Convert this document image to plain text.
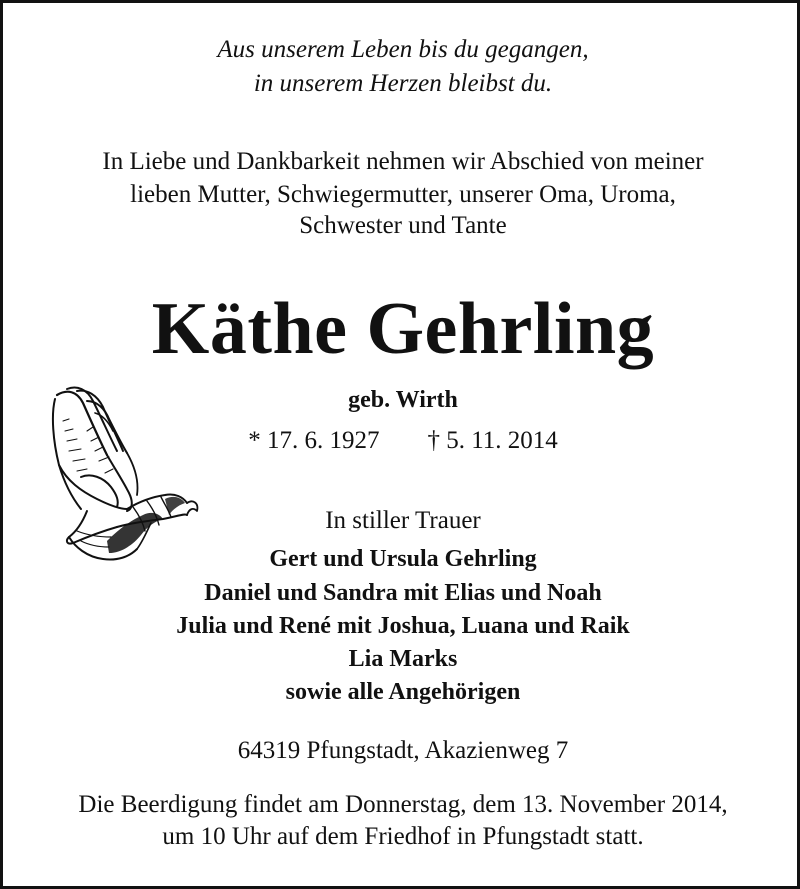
Aus unserem Leben bis du gegangen,
in unserem Herzen bleibst du.
In Liebe und Dankbarkeit nehmen wir Abschied von meiner
lieben Mutter, Schwiegermutter, unserer Oma, Uroma,
Schwester und Tante
Käthe Gehrling
geb. Wirth
* 17. 6. 1927 † 5. 11. 2014
In stiller Trauer
Gert und Ursula Gehrling
Daniel und Sandra mit Elias und Noah
Julia und René mit Joshua, Luana und Raik
Lia Marks
sowie alle Angehörigen
64319 Pfungstadt, Akazienweg 7
Die Beerdigung findet am Donnerstag, dem 13. November 2014,
um 10 Uhr auf dem Friedhof in Pfungstadt statt.
